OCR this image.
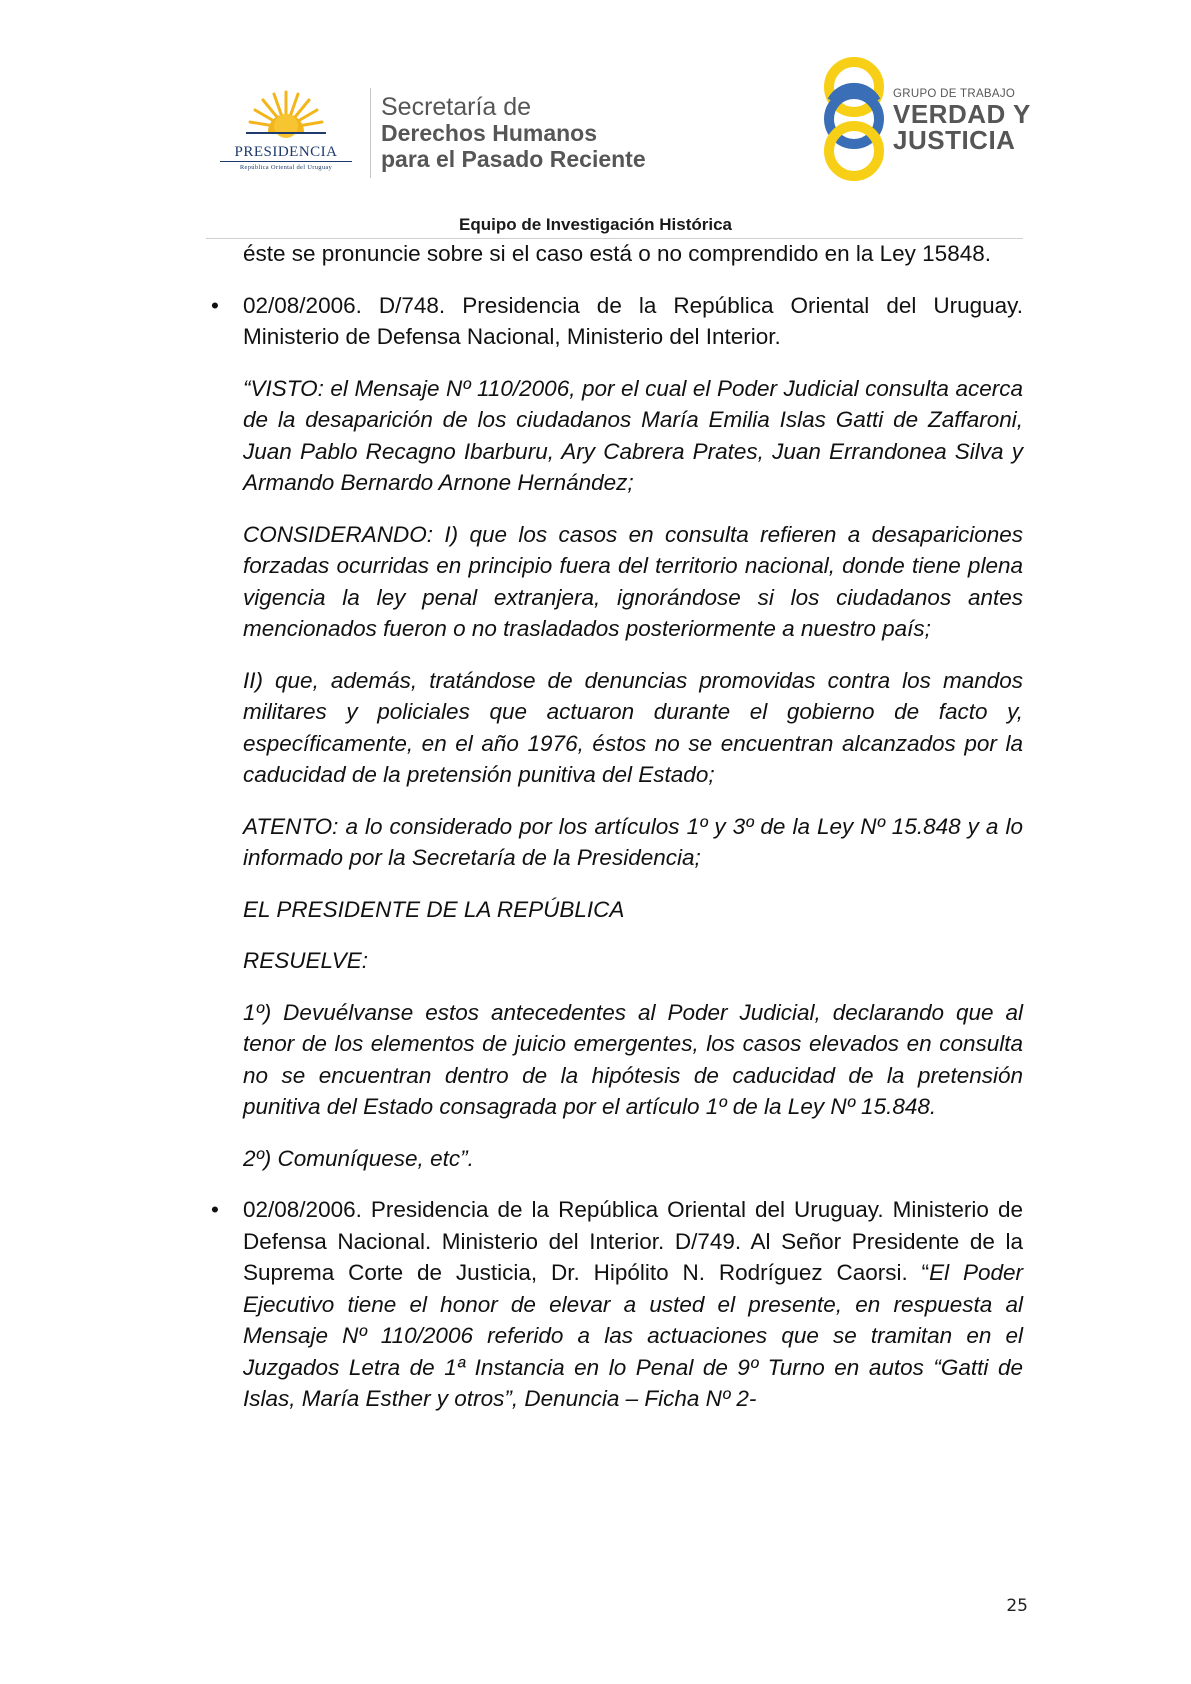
PRESIDENCIA
República Oriental del Uruguay
Secretaría de
Derechos Humanos
para el Pasado Reciente
GRUPO DE TRABAJO
VERDAD Y
JUSTICIA
Equipo de Investigación Histórica

éste se pronuncie sobre si el caso está o no comprendido en la Ley 15848.

• 02/08/2006. D/748. Presidencia de la República Oriental del Uruguay. Ministerio de Defensa Nacional, Ministerio del Interior.

“VISTO: el Mensaje Nº 110/2006, por el cual el Poder Judicial consulta acerca de la desaparición de los ciudadanos María Emilia Islas Gatti de Zaffaroni, Juan Pablo Recagno Ibarburu, Ary Cabrera Prates, Juan Errandonea Silva y Armando Bernardo Arnone Hernández;

CONSIDERANDO: I) que los casos en consulta refieren a desapariciones forzadas ocurridas en principio fuera del territorio nacional, donde tiene plena vigencia la ley penal extranjera, ignorándose si los ciudadanos antes mencionados fueron o no trasladados posteriormente a nuestro país;

II) que, además, tratándose de denuncias promovidas contra los mandos militares y policiales que actuaron durante el gobierno de facto y, específicamente, en el año 1976, éstos no se encuentran alcanzados por la caducidad de la pretensión punitiva del Estado;

ATENTO: a lo considerado por los artículos 1º y 3º de la Ley Nº 15.848 y a lo informado por la Secretaría de la Presidencia;

EL PRESIDENTE DE LA REPÚBLICA

RESUELVE:

1º) Devuélvanse estos antecedentes al Poder Judicial, declarando que al tenor de los elementos de juicio emergentes, los casos elevados en consulta no se encuentran dentro de la hipótesis de caducidad de la pretensión punitiva del Estado consagrada por el artículo 1º de la Ley Nº 15.848.

2º) Comuníquese, etc”.

• 02/08/2006. Presidencia de la República Oriental del Uruguay. Ministerio de Defensa Nacional. Ministerio del Interior. D/749. Al Señor Presidente de la Suprema Corte de Justicia, Dr. Hipólito N. Rodríguez Caorsi. “El Poder Ejecutivo tiene el honor de elevar a usted el presente, en respuesta al Mensaje Nº 110/2006 referido a las actuaciones que se tramitan en el Juzgados Letra de 1ª Instancia en lo Penal de 9º Turno en autos “Gatti de Islas, María Esther y otros”, Denuncia – Ficha Nº 2-

25
